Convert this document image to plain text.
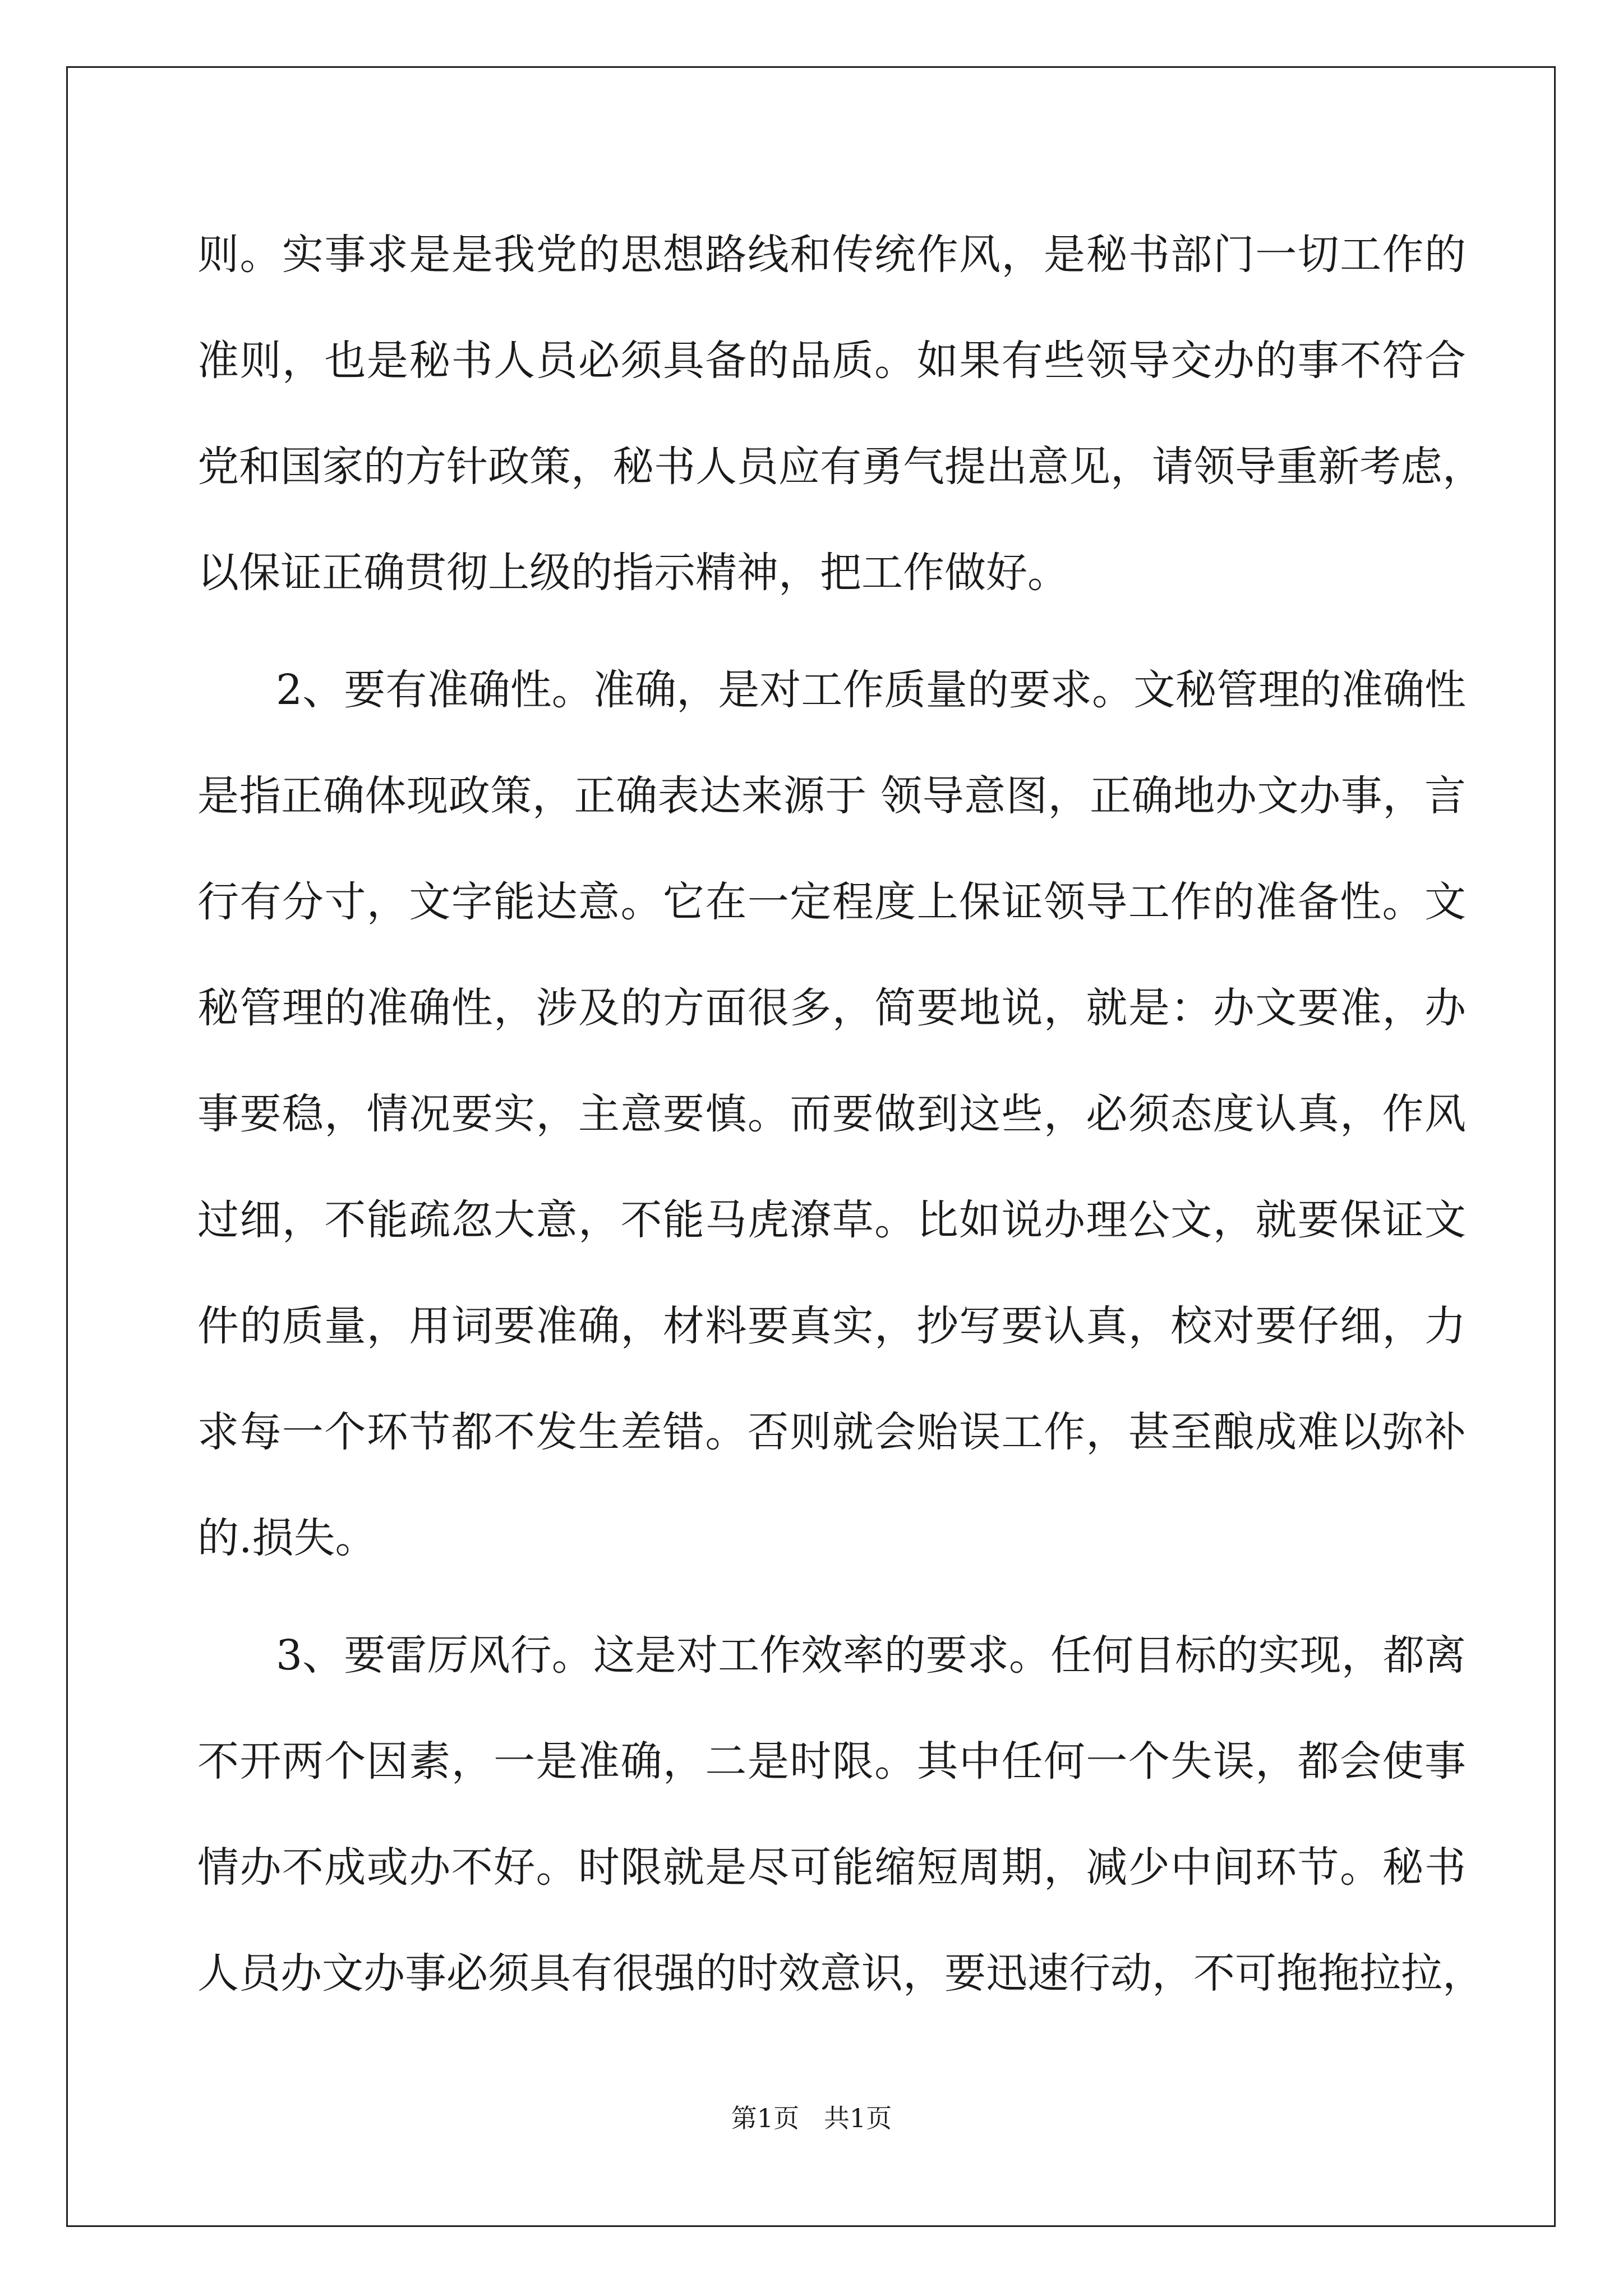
则。实事求是是我党的思想路线和传统作风，是秘书部门一切工作的
准则，也是秘书人员必须具备的品质。如果有些领导交办的事不符合
党和国家的方针政策，秘书人员应有勇气提出意见，请领导重新考虑，
以保证正确贯彻上级的指示精神，把工作做好。
2、要有准确性。准确，是对工作质量的要求。文秘管理的准确性
是指正确体现政策，正确表达来源于 领导意图，正确地办文办事，言
行有分寸，文字能达意。它在一定程度上保证领导工作的准备性。文
秘管理的准确性，涉及的方面很多，简要地说，就是：办文要准，办
事要稳，情况要实，主意要慎。而要做到这些，必须态度认真，作风
过细，不能疏忽大意，不能马虎潦草。比如说办理公文，就要保证文
件的质量，用词要准确，材料要真实，抄写要认真，校对要仔细，力
求每一个环节都不发生差错。否则就会贻误工作，甚至酿成难以弥补
的.损失。
3、要雷厉风行。这是对工作效率的要求。任何目标的实现，都离
不开两个因素，一是准确，二是时限。其中任何一个失误，都会使事
情办不成或办不好。时限就是尽可能缩短周期，减少中间环节。秘书
人员办文办事必须具有很强的时效意识，要迅速行动，不可拖拖拉拉，
第1页   共1页
